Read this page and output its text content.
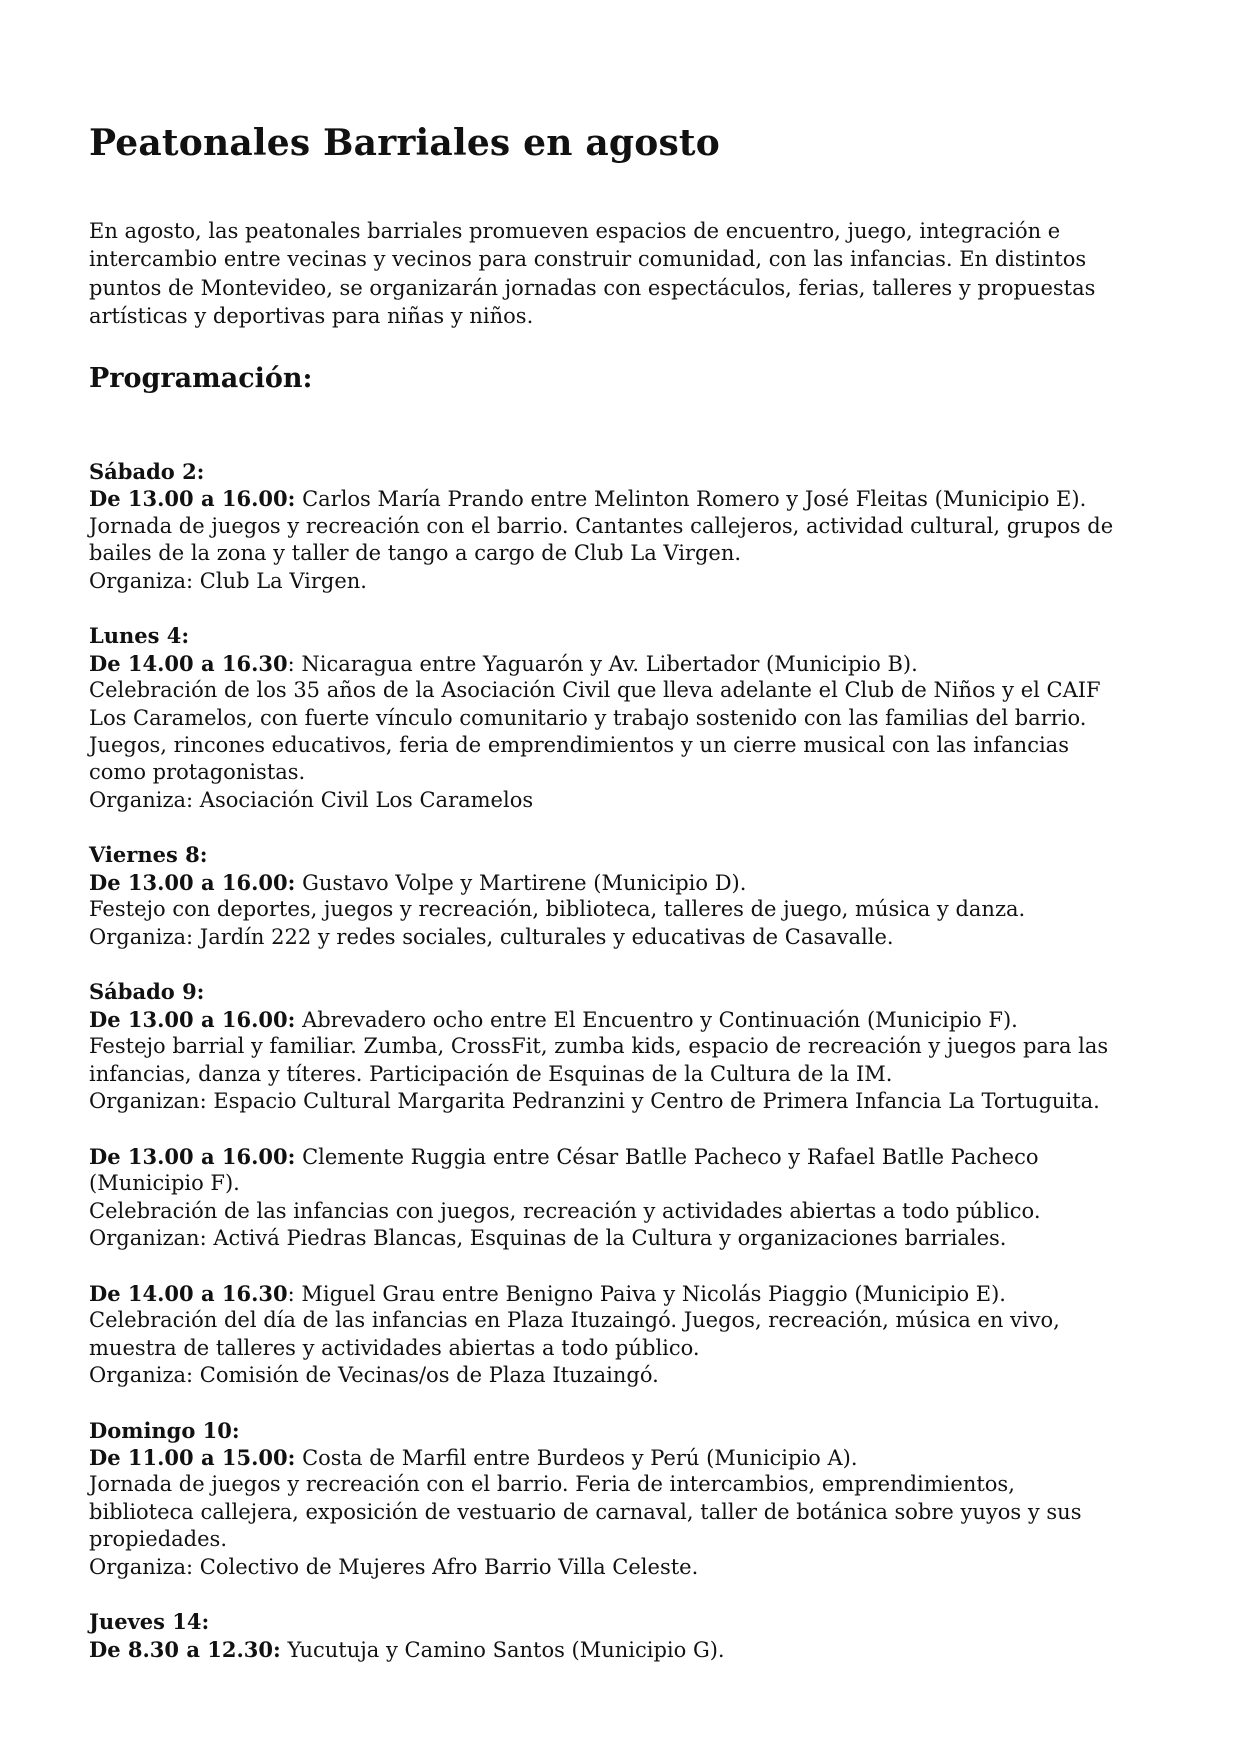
Peatonales Barriales en agosto

En agosto, las peatonales barriales promueven espacios de encuentro, juego, integración e
intercambio entre vecinas y vecinos para construir comunidad, con las infancias. En distintos
puntos de Montevideo, se organizarán jornadas con espectáculos, ferias, talleres y propuestas
artísticas y deportivas para niñas y niños.

Programación:
Sábado 2:
De 13.00 a 16.00: Carlos María Prando entre Melinton Romero y José Fleitas (Municipio E).
Jornada de juegos y recreación con el barrio. Cantantes callejeros, actividad cultural, grupos de
bailes de la zona y taller de tango a cargo de Club La Virgen.
Organiza: Club La Virgen.
Lunes 4:
De 14.00 a 16.30: Nicaragua entre Yaguarón y Av. Libertador (Municipio B).
Celebración de los 35 años de la Asociación Civil que lleva adelante el Club de Niños y el CAIF
Los Caramelos, con fuerte vínculo comunitario y trabajo sostenido con las familias del barrio.
Juegos, rincones educativos, feria de emprendimientos y un cierre musical con las infancias
como protagonistas.
Organiza: Asociación Civil Los Caramelos
Viernes 8:
De 13.00 a 16.00: Gustavo Volpe y Martirene (Municipio D).
Festejo con deportes, juegos y recreación, biblioteca, talleres de juego, música y danza.
Organiza: Jardín 222 y redes sociales, culturales y educativas de Casavalle.
Sábado 9:
De 13.00 a 16.00: Abrevadero ocho entre El Encuentro y Continuación (Municipio F).
Festejo barrial y familiar. Zumba, CrossFit, zumba kids, espacio de recreación y juegos para las
infancias, danza y títeres. Participación de Esquinas de la Cultura de la IM.
Organizan: Espacio Cultural Margarita Pedranzini y Centro de Primera Infancia La Tortuguita.
De 13.00 a 16.00: Clemente Ruggia entre César Batlle Pacheco y Rafael Batlle Pacheco
(Municipio F).
Celebración de las infancias con juegos, recreación y actividades abiertas a todo público.
Organizan: Activá Piedras Blancas, Esquinas de la Cultura y organizaciones barriales.
De 14.00 a 16.30: Miguel Grau entre Benigno Paiva y Nicolás Piaggio (Municipio E).
Celebración del día de las infancias en Plaza Ituzaingó. Juegos, recreación, música en vivo,
muestra de talleres y actividades abiertas a todo público.
Organiza: Comisión de Vecinas/os de Plaza Ituzaingó.
Domingo 10:
De 11.00 a 15.00: Costa de Marfil entre Burdeos y Perú (Municipio A).
Jornada de juegos y recreación con el barrio. Feria de intercambios, emprendimientos,
biblioteca callejera, exposición de vestuario de carnaval, taller de botánica sobre yuyos y sus
propiedades.
Organiza: Colectivo de Mujeres Afro Barrio Villa Celeste.
Jueves 14:
De 8.30 a 12.30: Yucutuja y Camino Santos (Municipio G).
